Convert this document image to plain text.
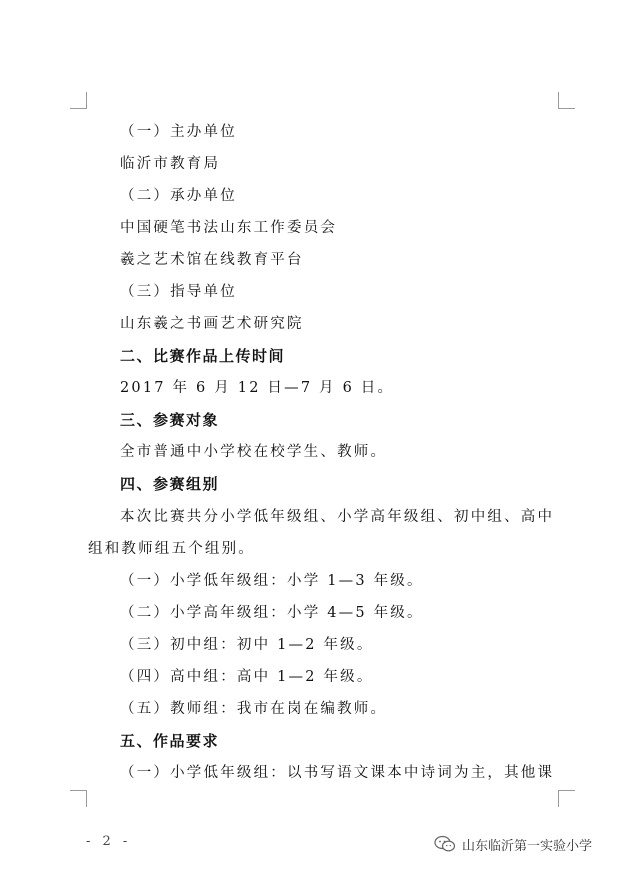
（一）主办单位
临沂市教育局
（二）承办单位
中国硬笔书法山东工作委员会
羲之艺术馆在线教育平台
（三）指导单位
山东羲之书画艺术研究院
二、比赛作品上传时间
2017 年 6 月 12 日—7 月 6 日。
三、参赛对象
全市普通中小学校在校学生、教师。
四、参赛组别
本次比赛共分小学低年级组、小学高年级组、初中组、高中
组和教师组五个组别。
（一）小学低年级组：小学 1—3 年级。
（二）小学高年级组：小学 4—5 年级。
（三）初中组：初中 1—2 年级。
（四）高中组：高中 1—2 年级。
（五）教师组：我市在岗在编教师。
五、作品要求
（一）小学低年级组：以书写语文课本中诗词为主，其他课
- 2 -	山东临沂第一实验小学
